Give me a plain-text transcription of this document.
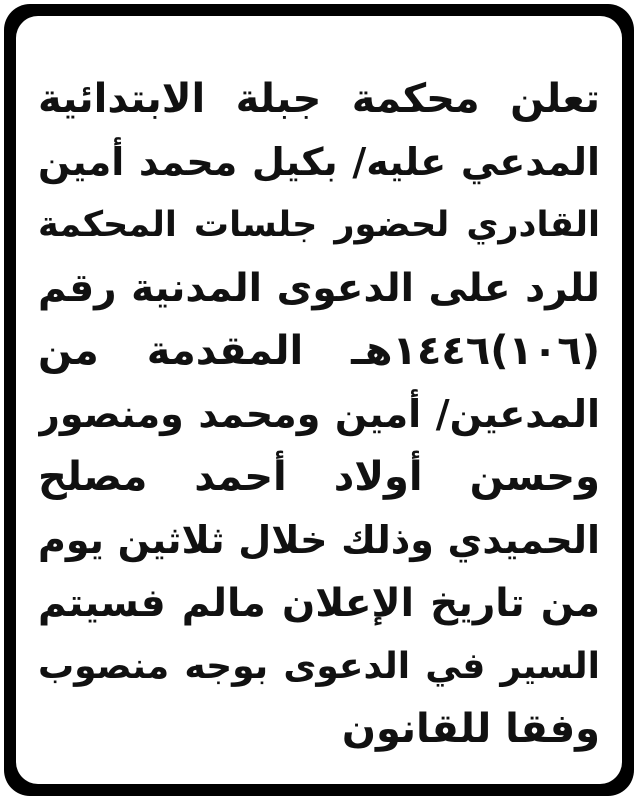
تعلن محكمة جبلة الابتدائية
المدعي عليه/ بكيل محمد أمين
القادري لحضور جلسات المحكمة
للرد على الدعوى المدنية رقم
(١٠٦)١٤٤٦هـ المقدمة من
المدعين/ أمين ومحمد ومنصور
وحسن أولاد أحمد مصلح
الحميدي وذلك خلال ثلاثين يوم
من تاريخ الإعلان مالم فسيتم
السير في الدعوى بوجه منصوب
وفقا للقانون
